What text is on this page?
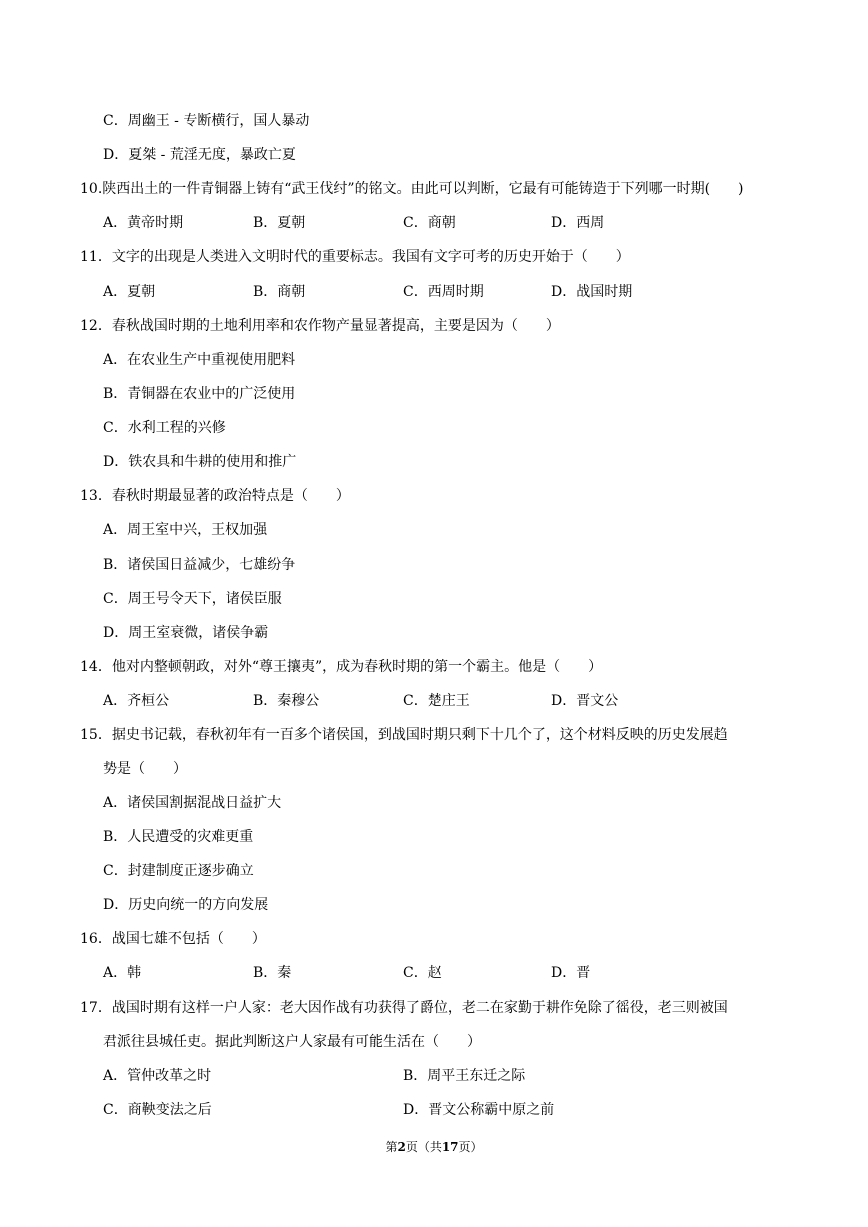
C．周幽王 - 专断横行，国人暴动
D．夏桀 - 荒淫无度，暴政亡夏
10.陕西出土的一件青铜器上铸有“武王伐纣”的铭文。由此可以判断，它最有可能铸造于下列哪一时期(　　)
A．黄帝时期	B．夏朝	C．商朝	D．西周
11．文字的出现是人类进入文明时代的重要标志。我国有文字可考的历史开始于（　　）
A．夏朝	B．商朝	C．西周时期	D．战国时期
12．春秋战国时期的土地利用率和农作物产量显著提高，主要是因为（　　）
A．在农业生产中重视使用肥料
B．青铜器在农业中的广泛使用
C．水利工程的兴修
D．铁农具和牛耕的使用和推广
13．春秋时期最显著的政治特点是（　　）
A．周王室中兴，王权加强
B．诸侯国日益减少，七雄纷争
C．周王号令天下，诸侯臣服
D．周王室衰微，诸侯争霸
14．他对内整顿朝政，对外“尊王攘夷”，成为春秋时期的第一个霸主。他是（　　）
A．齐桓公	B．秦穆公	C．楚庄王	D．晋文公
15．据史书记载，春秋初年有一百多个诸侯国，到战国时期只剩下十几个了，这个材料反映的历史发展趋
势是（　　）
A．诸侯国割据混战日益扩大
B．人民遭受的灾难更重
C．封建制度正逐步确立
D．历史向统一的方向发展
16．战国七雄不包括（　　）
A．韩	B．秦	C．赵	D．晋
17．战国时期有这样一户人家：老大因作战有功获得了爵位，老二在家勤于耕作免除了徭役，老三则被国
君派往县城任吏。据此判断这户人家最有可能生活在（　　）
A．管仲改革之时	B．周平王东迁之际
C．商鞅变法之后	D．晋文公称霸中原之前
第2页（共17页）
